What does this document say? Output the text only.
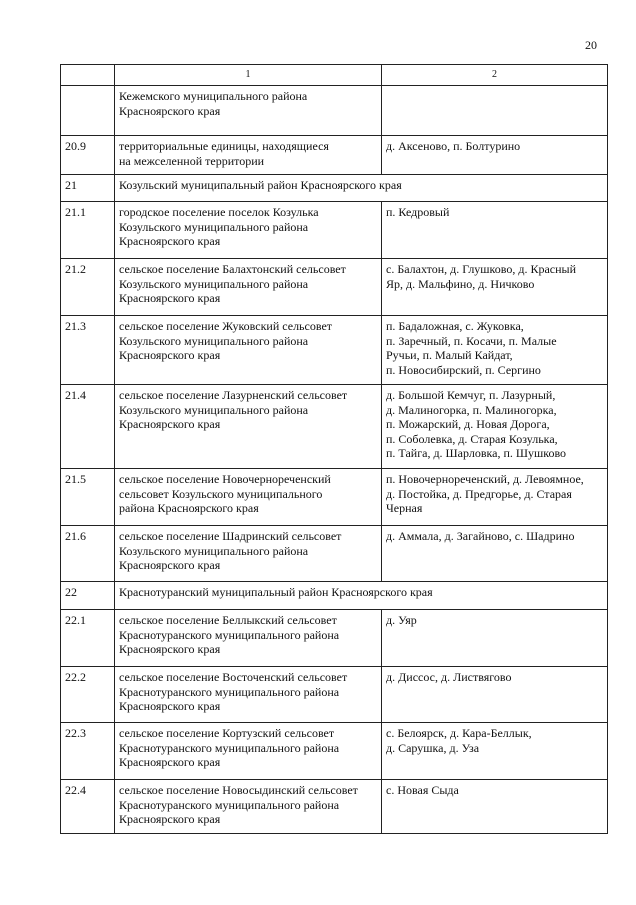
20
	1	2
	Кежемского муниципального района
Красноярского края	
20.9	территориальные единицы, находящиеся
на межселенной территории	д. Аксеново, п. Болтурино
21	Козульский муниципальный район Красноярского края	
21.1	городское поселение поселок Козулька
Козульского муниципального района
Красноярского края	п. Кедровый
21.2	сельское поселение Балахтонский сельсовет
Козульского муниципального района
Красноярского края	с. Балахтон, д. Глушково, д. Красный
Яр, д. Мальфино, д. Ничково
21.3	сельское поселение Жуковский сельсовет
Козульского муниципального района
Красноярского края	п. Бадаложная, с. Жуковка,
п. Заречный, п. Косачи, п. Малые
Ручьи, п. Малый Кайдат,
п. Новосибирский, п. Сергино
21.4	сельское поселение Лазурненский сельсовет
Козульского муниципального района
Красноярского края	д. Большой Кемчуг, п. Лазурный,
д. Малиногорка, п. Малиногорка,
п. Можарский, д. Новая Дорога,
п. Соболевка, д. Старая Козулька,
п. Тайга, д. Шарловка, п. Шушково
21.5	сельское поселение Новочернореченский
сельсовет Козульского муниципального
района Красноярского края	п. Новочернореченский, д. Левоямное,
д. Постойка, д. Предгорье, д. Старая
Черная
21.6	сельское поселение Шадринский сельсовет
Козульского муниципального района
Красноярского края	д. Аммала, д. Загайново, с. Шадрино
22	Краснотуранский муниципальный район Красноярского края	
22.1	сельское поселение Беллыкский сельсовет
Краснотуранского муниципального района
Красноярского края	д. Уяр
22.2	сельское поселение Восточенский сельсовет
Краснотуранского муниципального района
Красноярского края	д. Диссос, д. Листвягово
22.3	сельское поселение Кортузский сельсовет
Краснотуранского муниципального района
Красноярского края	с. Белоярск, д. Кара-Беллык,
д. Сарушка, д. Уза
22.4	сельское поселение Новосыдинский сельсовет
Краснотуранского муниципального района
Красноярского края	с. Новая Сыда
